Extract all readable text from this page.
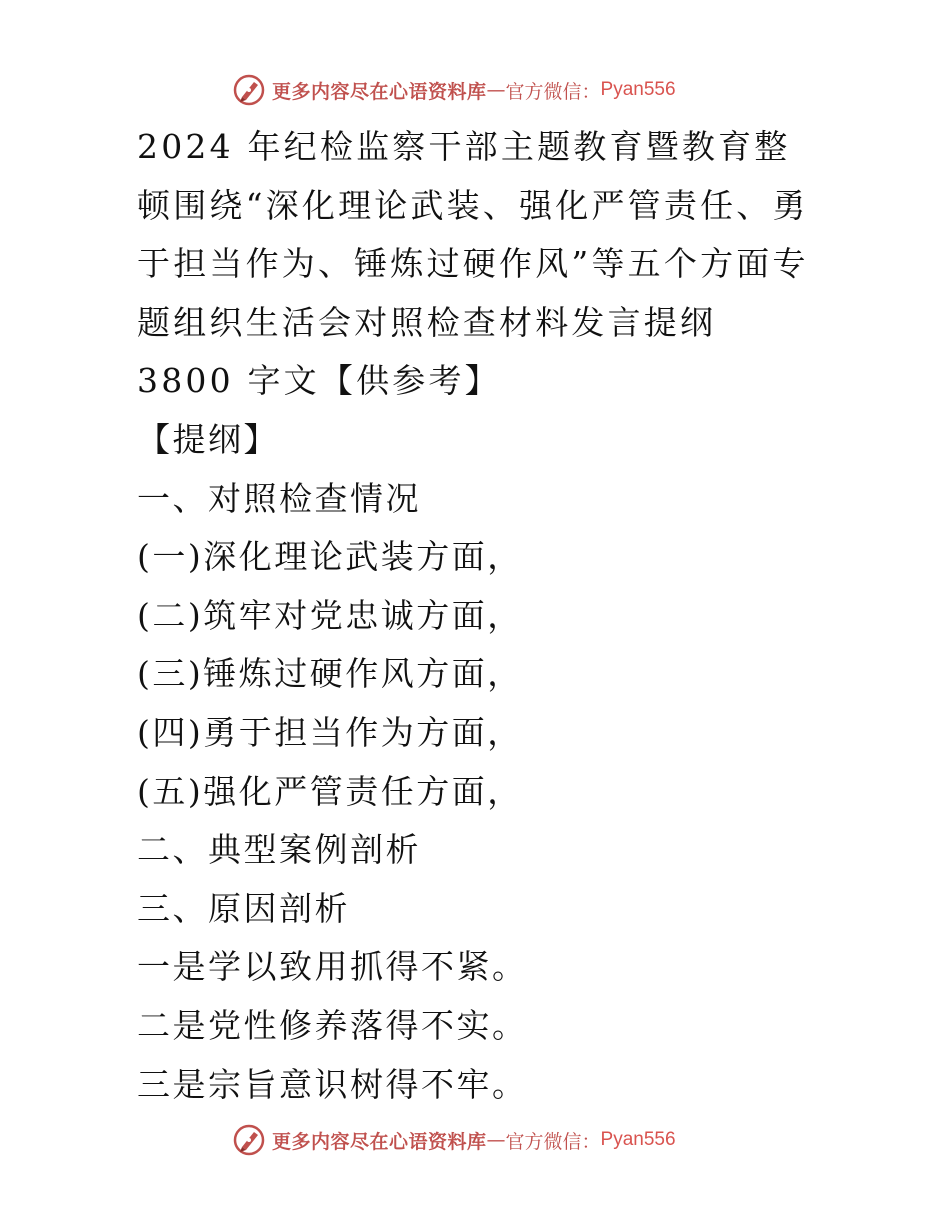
更多内容尽在心语资料库 — 官方微信： Pyan556
2024 年纪检监察干部主题教育暨教育整
顿围绕“深化理论武装、强化严管责任、勇
于担当作为、锤炼过硬作风”等五个方面专
题组织生活会对照检查材料发言提纲
3800 字文【供参考】
【提纲】
一、对照检查情况
(一)深化理论武装方面，
(二)筑牢对党忠诚方面，
(三)锤炼过硬作风方面，
(四)勇于担当作为方面，
(五)强化严管责任方面，
二、典型案例剖析
三、原因剖析
一是学以致用抓得不紧。
二是党性修养落得不实。
三是宗旨意识树得不牢。
更多内容尽在心语资料库 — 官方微信： Pyan556
